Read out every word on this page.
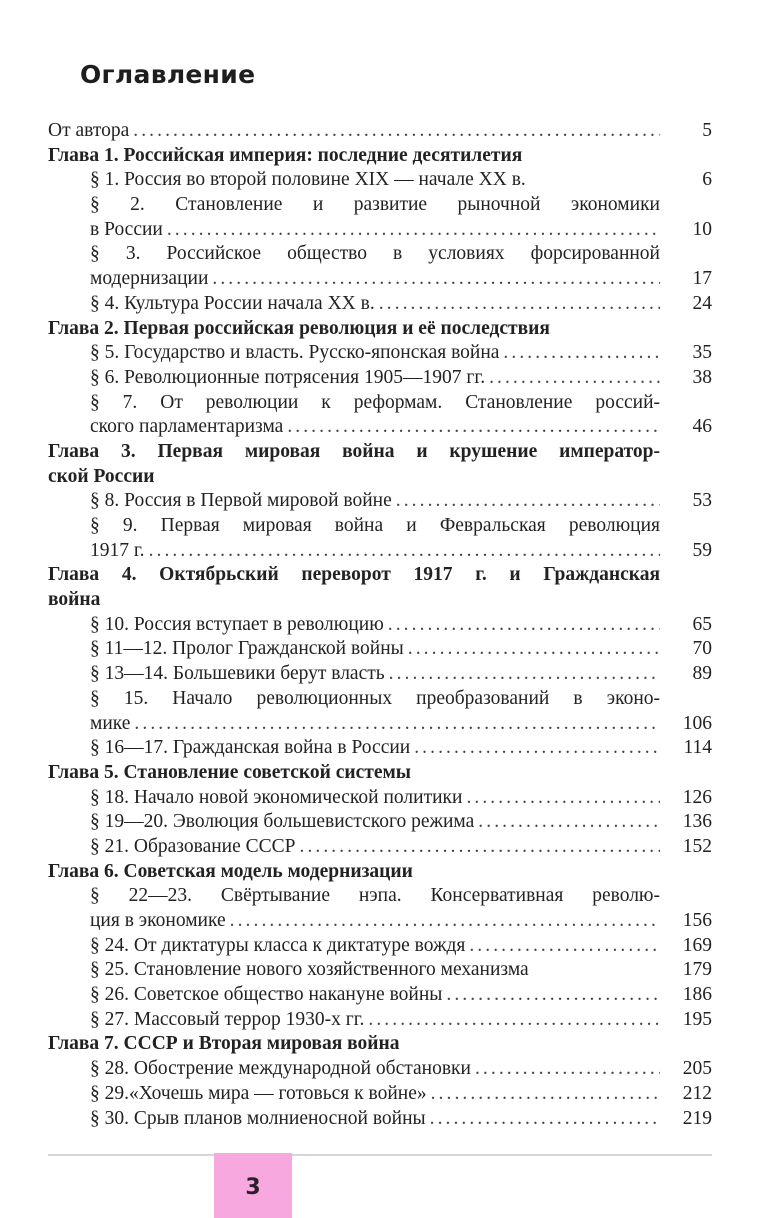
Оглавление
От автора . . .	5
Глава 1. Российская империя: последние десятилетия
§ 1. Россия во второй половине XIX — начале XX в.	6
§ 2. Становление и развитие рыночной экономики
в России . . .	10
§ 3. Российское общество в условиях форсированной
модернизации . . .	17
§ 4. Культура России начала XX в. . . .	24
Глава 2. Первая российская революция и её последствия
§ 5. Государство и власть. Русско-японская война . . .	35
§ 6. Революционные потрясения 1905—1907 гг. . . .	38
§ 7. От революции к реформам. Становление россий-
ского парламентаризма . . .	46
Глава 3. Первая мировая война и крушение император-
ской России
§ 8. Россия в Первой мировой войне . . .	53
§ 9. Первая мировая война и Февральская революция
1917 г. . . .	59
Глава 4. Октябрьский переворот 1917 г. и Гражданская
война
§ 10. Россия вступает в революцию . . .	65
§ 11—12. Пролог Гражданской войны . . .	70
§ 13—14. Большевики берут власть . . .	89
§ 15. Начало революционных преобразований в эконо-
мике . . .	106
§ 16—17. Гражданская война в России . . .	114
Глава 5. Становление советской системы
§ 18. Начало новой экономической политики . . .	126
§ 19—20. Эволюция большевистского режима . . .	136
§ 21. Образование СССР . . .	152
Глава 6. Советская модель модернизации
§ 22—23. Свёртывание нэпа. Консервативная револю-
ция в экономике . . .	156
§ 24. От диктатуры класса к диктатуре вождя . . .	169
§ 25. Становление нового хозяйственного механизма	179
§ 26. Советское общество накануне войны . . .	186
§ 27. Массовый террор 1930-х гг. . . .	195
Глава 7. СССР и Вторая мировая война
§ 28. Обострение международной обстановки . . .	205
§ 29.«Хочешь мира — готовься к войне» . . .	212
§ 30. Срыв планов молниеносной войны . . .	219
3
